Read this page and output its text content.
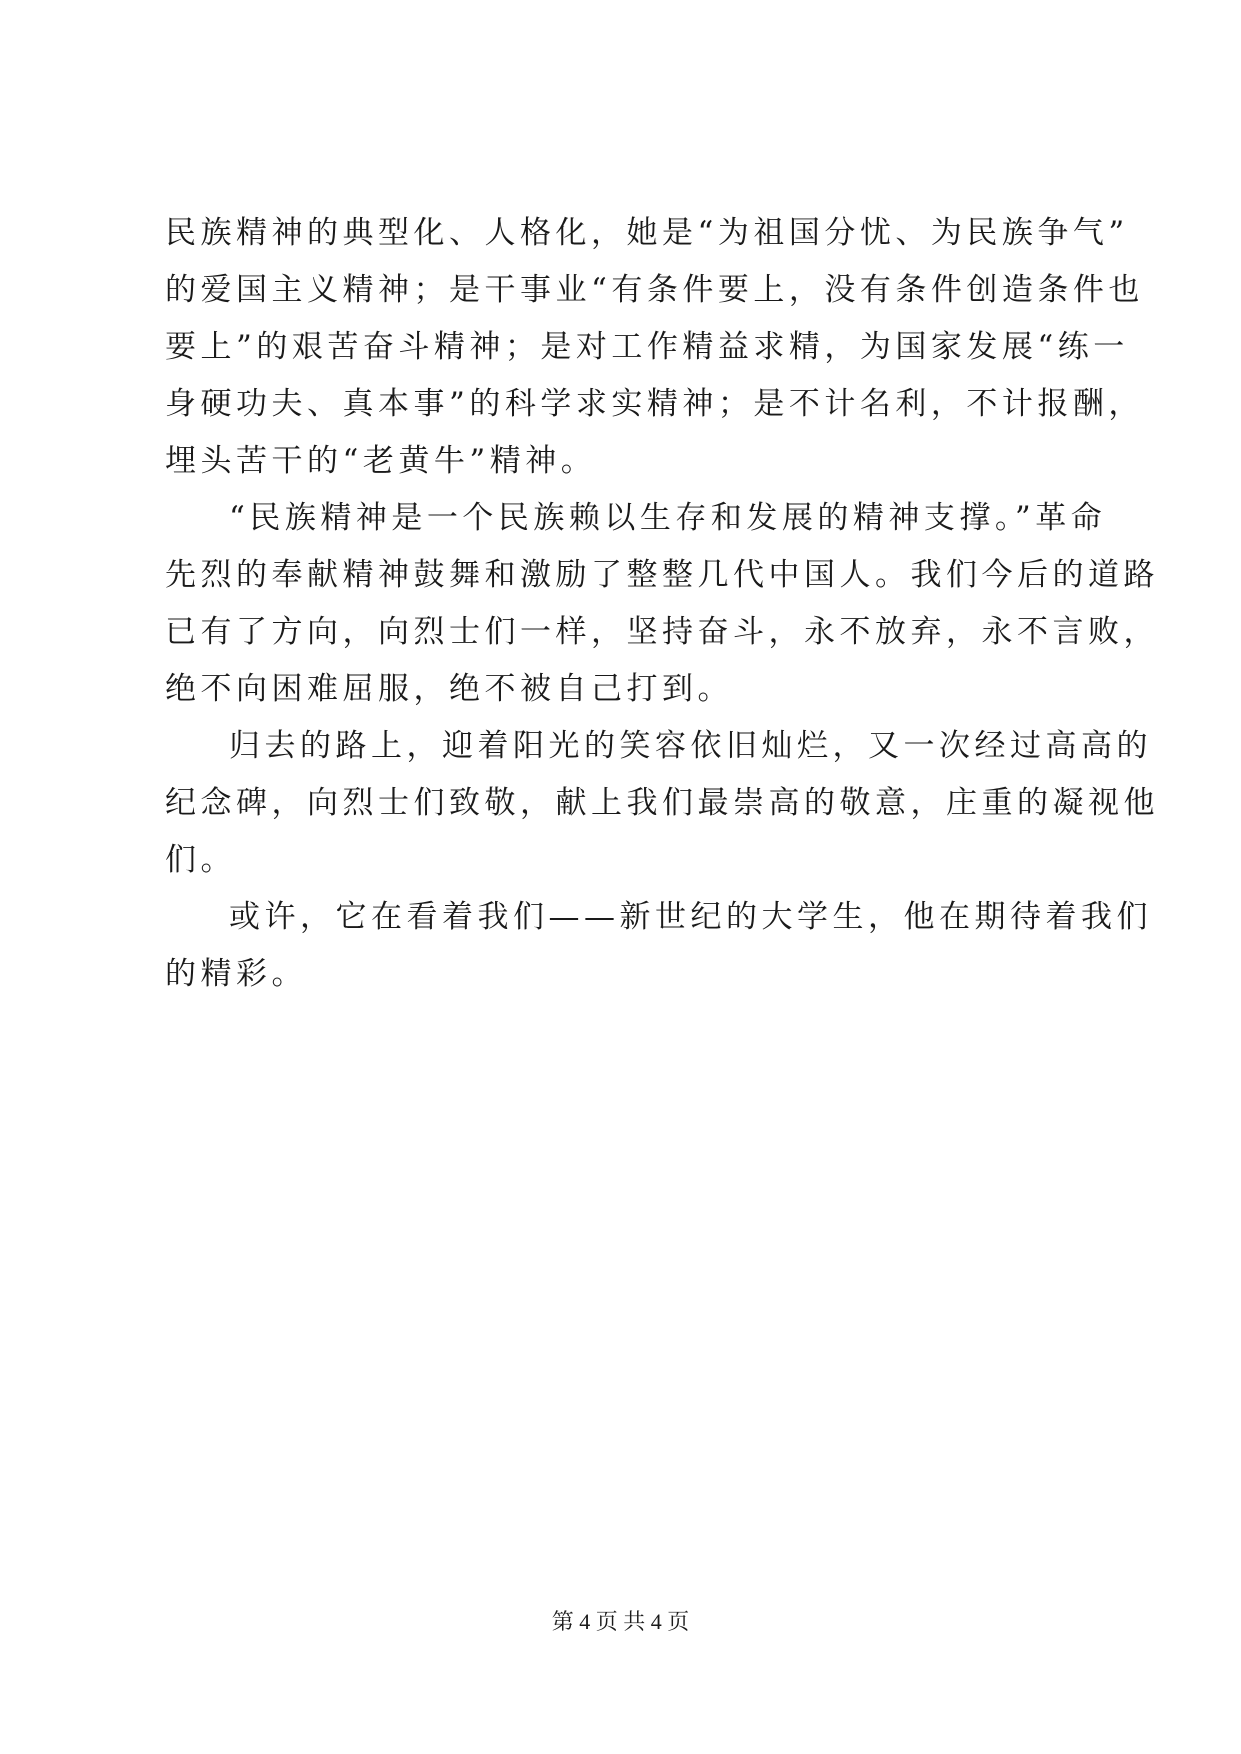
民族精神的典型化、人格化，她是“为祖国分忧、为民族争气”
的爱国主义精神；是干事业“有条件要上，没有条件创造条件也
要上”的艰苦奋斗精神；是对工作精益求精，为国家发展“练一
身硬功夫、真本事”的科学求实精神；是不计名利，不计报酬，
埋头苦干的“老黄牛”精神。
“民族精神是一个民族赖以生存和发展的精神支撑。”革命
先烈的奉献精神鼓舞和激励了整整几代中国人。我们今后的道路
已有了方向，向烈士们一样，坚持奋斗，永不放弃，永不言败，
绝不向困难屈服，绝不被自己打到。
归去的路上，迎着阳光的笑容依旧灿烂，又一次经过高高的
纪念碑，向烈士们致敬，献上我们最崇高的敬意，庄重的凝视他
们。
或许，它在看着我们——新世纪的大学生，他在期待着我们
的精彩。
第 4 页 共 4 页
